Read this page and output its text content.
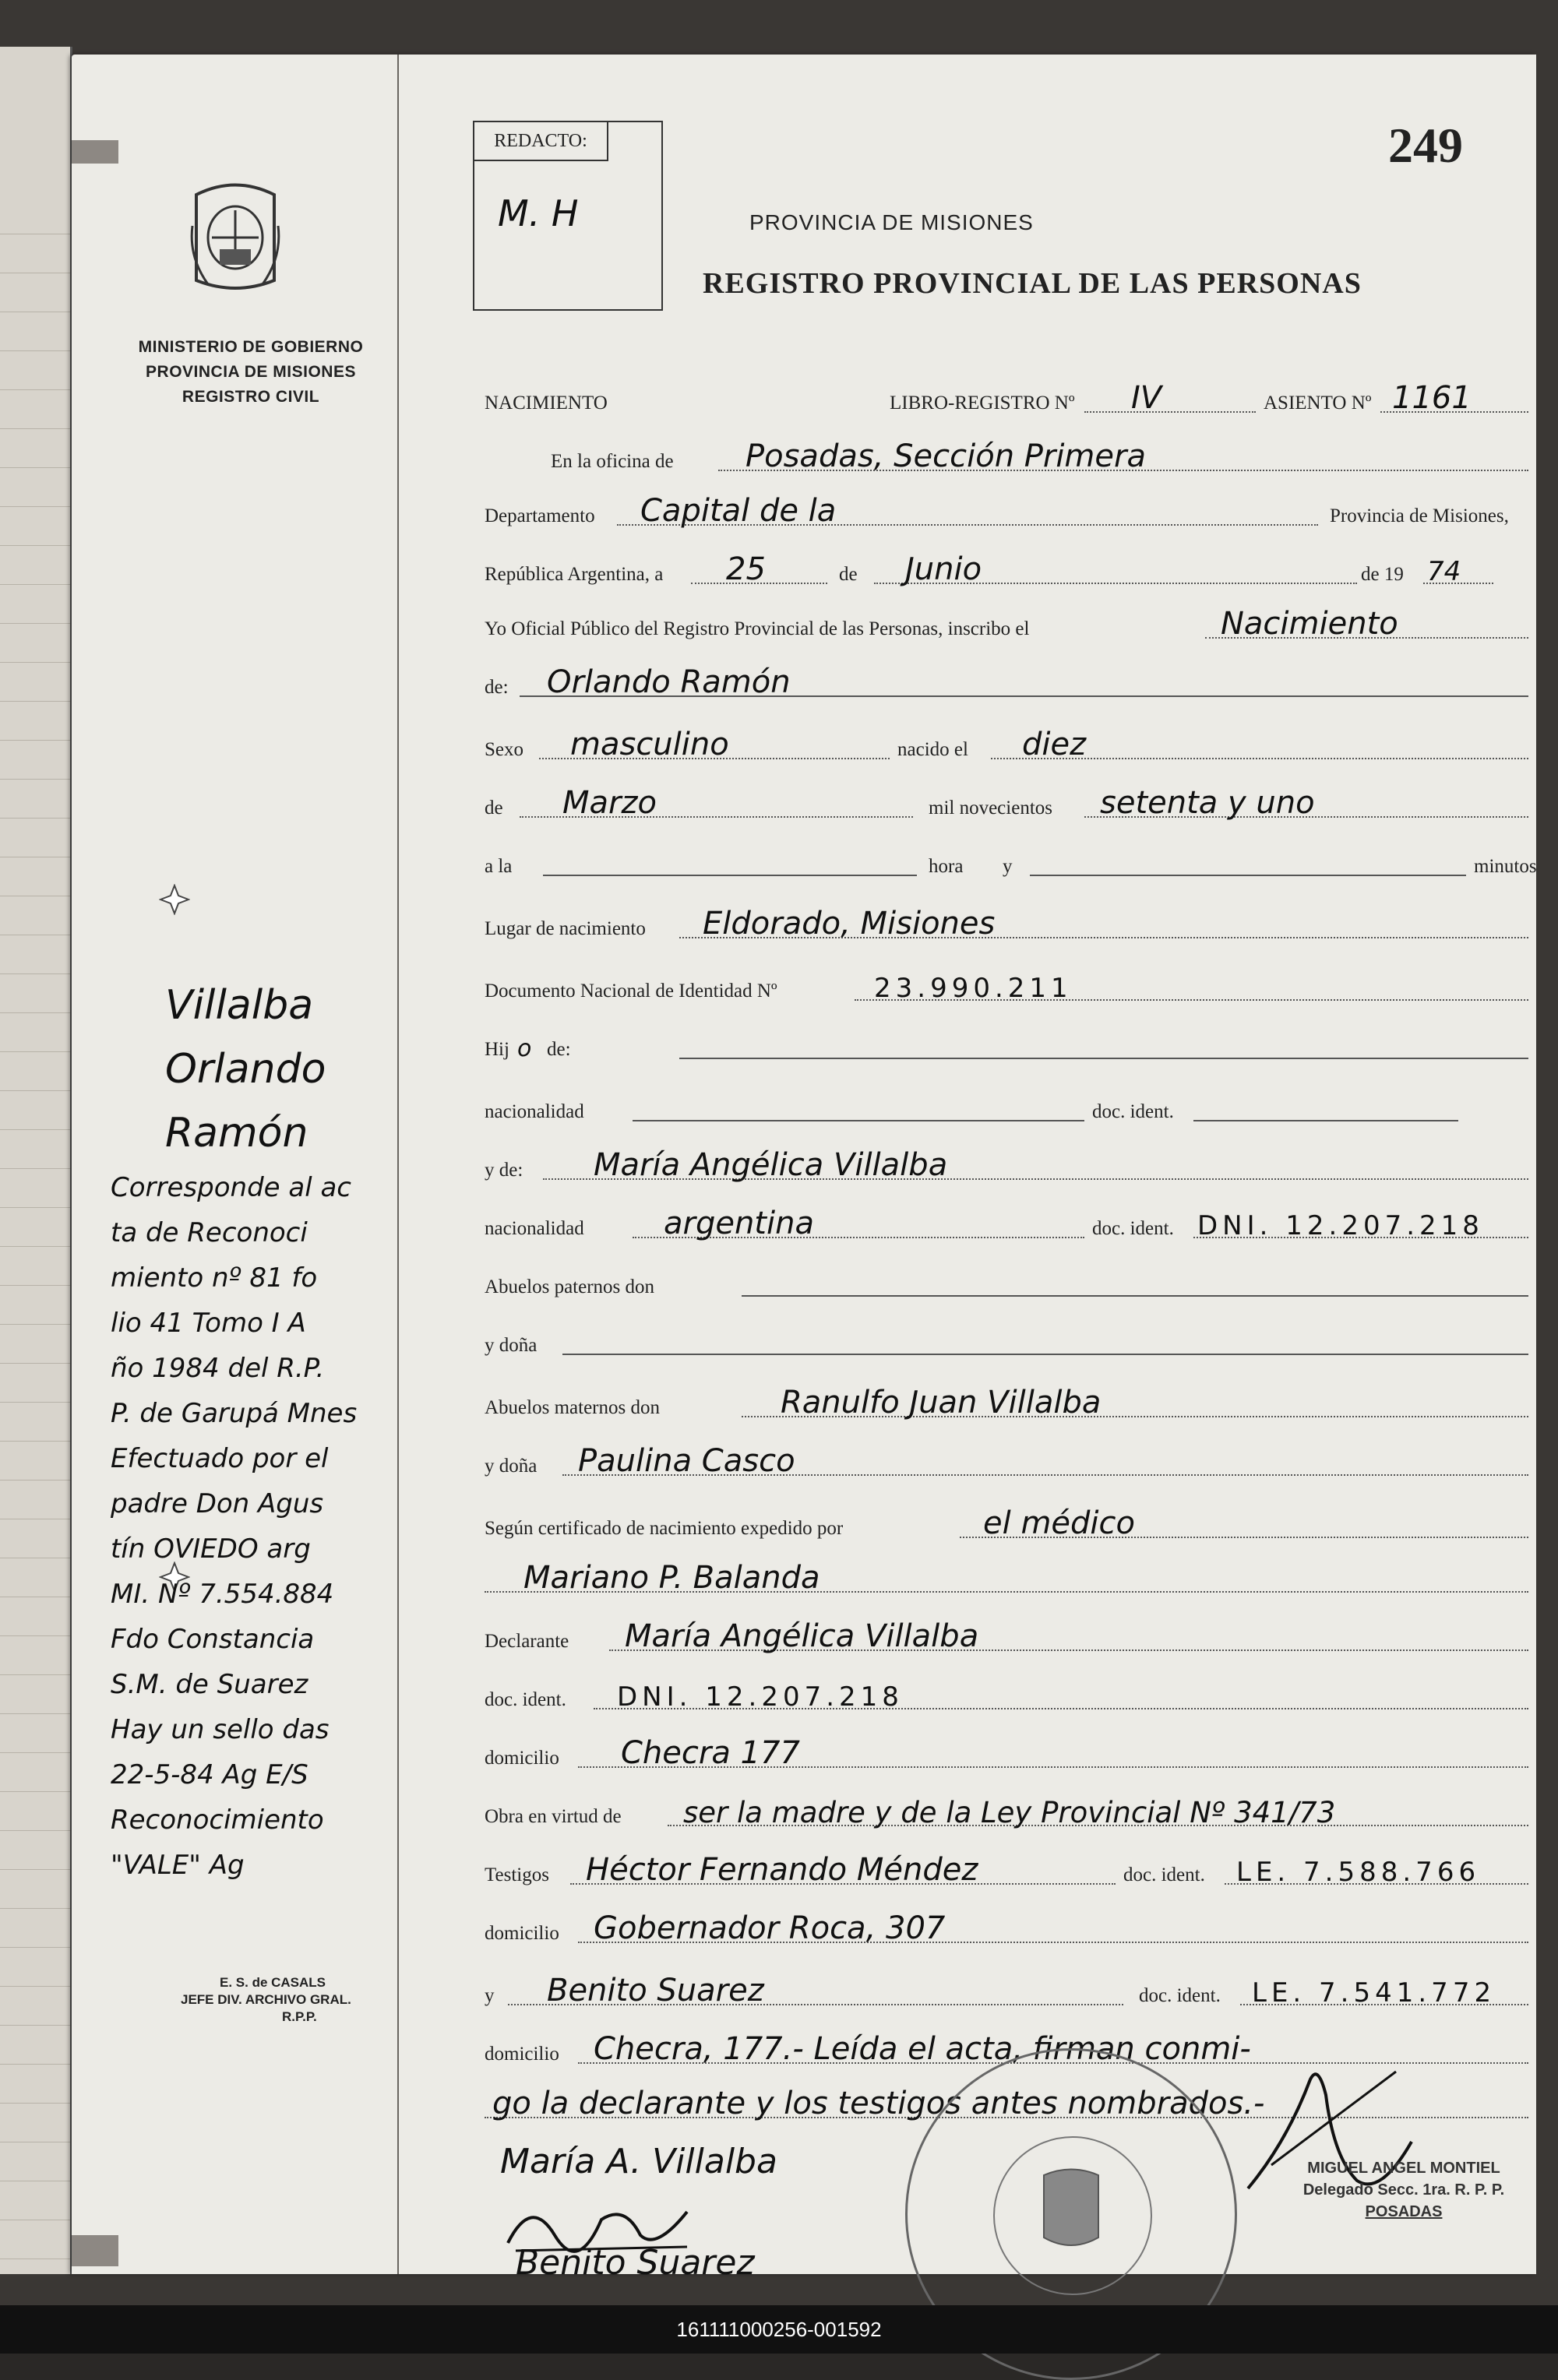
MINISTERIO DE GOBIERNO
PROVINCIA DE MISIONES
REGISTRO CIVIL
Villalba
Orlando
Ramón
Corresponde al ac
ta de Reconoci
miento nº 81 fo
lio 41 Tomo I A
ño 1984 del R.P.
P. de Garupá Mnes
Efectuado por el
padre Don Agus
tín OVIEDO arg
MI. Nº 7.554.884
Fdo Constancia
S.M. de Suarez
Hay un sello das
22-5-84 Ag E/S
Reconocimiento
"VALE" Ag
E. S. de CASALS
JEFE DIV. ARCHIVO GRAL.
R.P.P.
REDACTO:
M. H
249
PROVINCIA DE MISIONES
REGISTRO PROVINCIAL DE LAS PERSONAS
NACIMIENTO	LIBRO-REGISTRO Nº IV	ASIENTO Nº 1161
En la oficina de Posadas, Sección Primera
Departamento Capital de la	Provincia de Misiones,
República Argentina, a 25	de Junio	de 19 74
Yo Oficial Público del Registro Provincial de las Personas, inscribo el	Nacimiento
de: Orlando Ramón
Sexo masculino	nacido el diez
de Marzo	mil novecientos setenta y uno
a la	hora y	minutos
Lugar de nacimiento Eldorado, Misiones
Documento Nacional de Identidad Nº	23.990.211
Hij o de:
nacionalidad	doc. ident.
y de: María Angélica Villalba
nacionalidad	argentina	doc. ident. DNI. 12.207.218
Abuelos paternos don
y doña
Abuelos maternos don	Ranulfo Juan Villalba
y doña Paulina Casco
Según certificado de nacimiento expedido por	el médico
Mariano P. Balanda
Declarante María Angélica Villalba
doc. ident. DNI. 12.207.218
domicilio Checra 177
Obra en virtud de ser la madre y de la Ley Provincial Nº 341/73
Testigos Héctor Fernando Méndez	doc. ident. LE. 7.588.766
domicilio Gobernador Roca, 307
y Benito Suarez	doc. ident. LE. 7.541.772
domicilio Checra, 177.- Leída el acta, firman conmi-
go la declarante y los testigos antes nombrados.-
María A. Villalba
Benito Suarez
MIGUEL ANGEL MONTIEL
Delegado Secc. 1ra. R. P. P.
POSADAS
161111000256-001592
